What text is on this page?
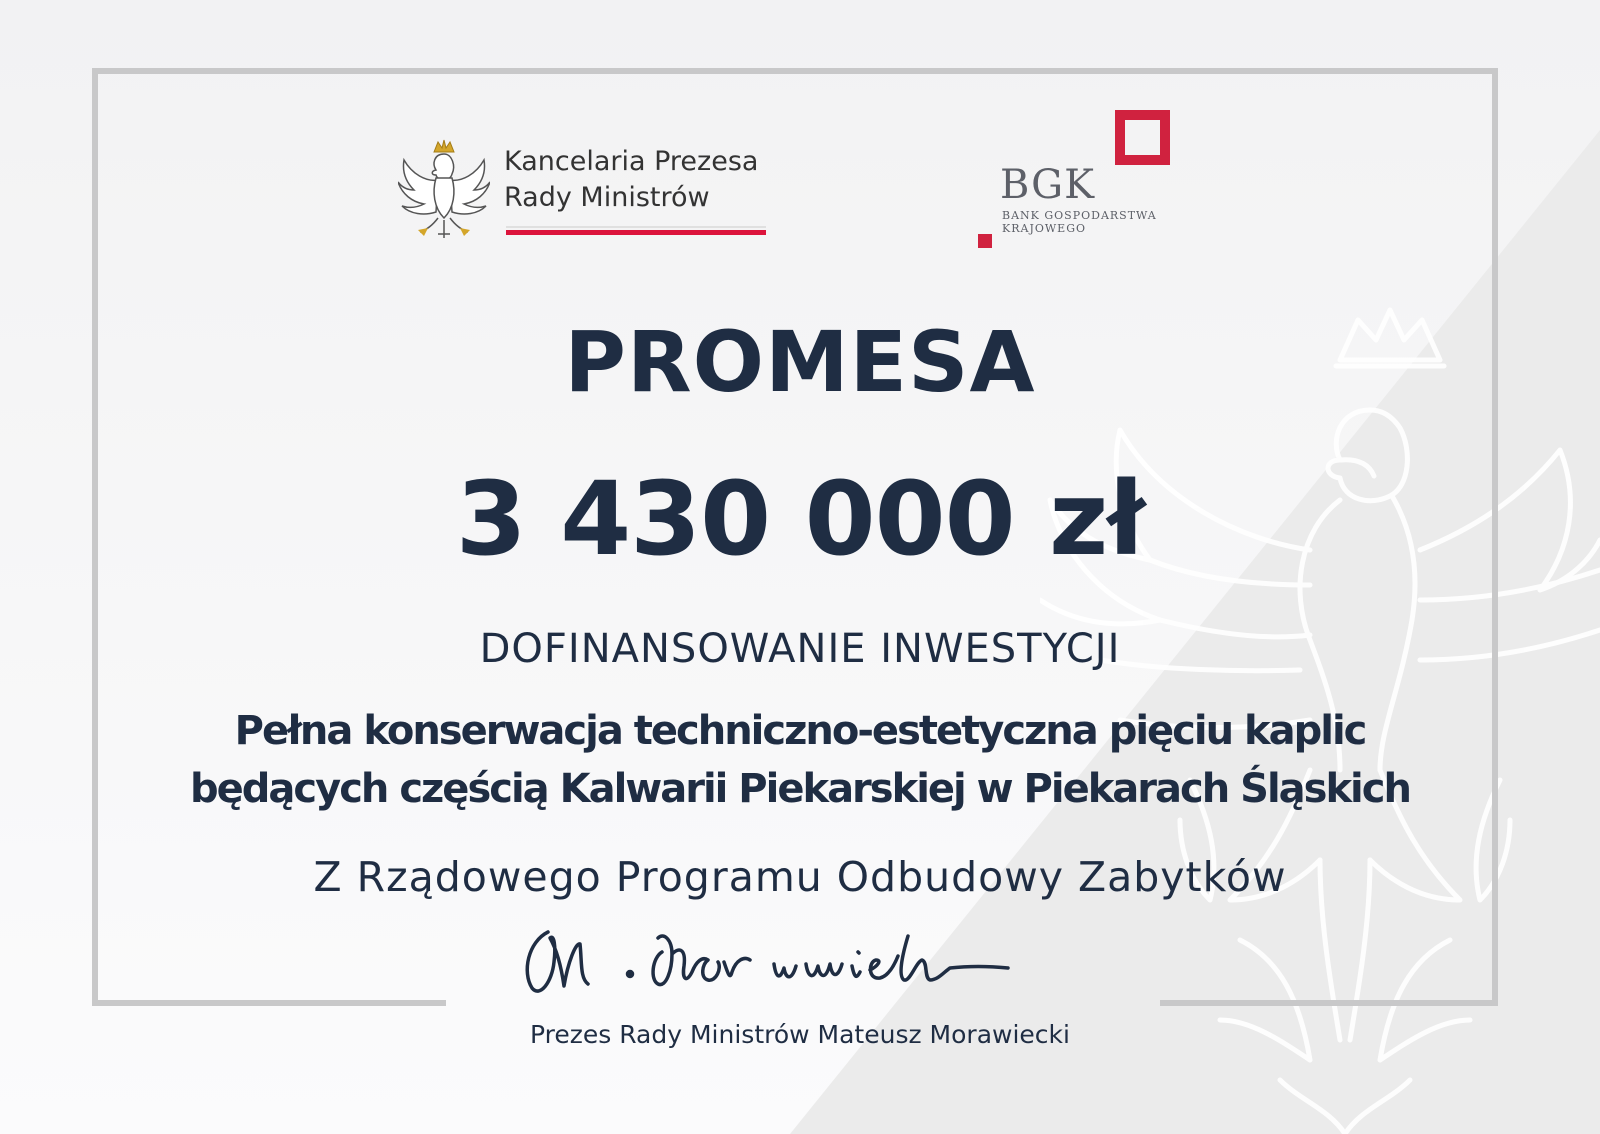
Kancelaria Prezesa
Rady Ministrów	BGK
BANK GOSPODARSTWA
KRAJOWEGO
PROMESA
3 430 000 zł
DOFINANSOWANIE INWESTYCJI
Pełna konserwacja techniczno-estetyczna pięciu kaplic
będących częścią Kalwarii Piekarskiej w Piekarach Śląskich
Z Rządowego Programu Odbudowy Zabytków
Prezes Rady Ministrów Mateusz Morawiecki
